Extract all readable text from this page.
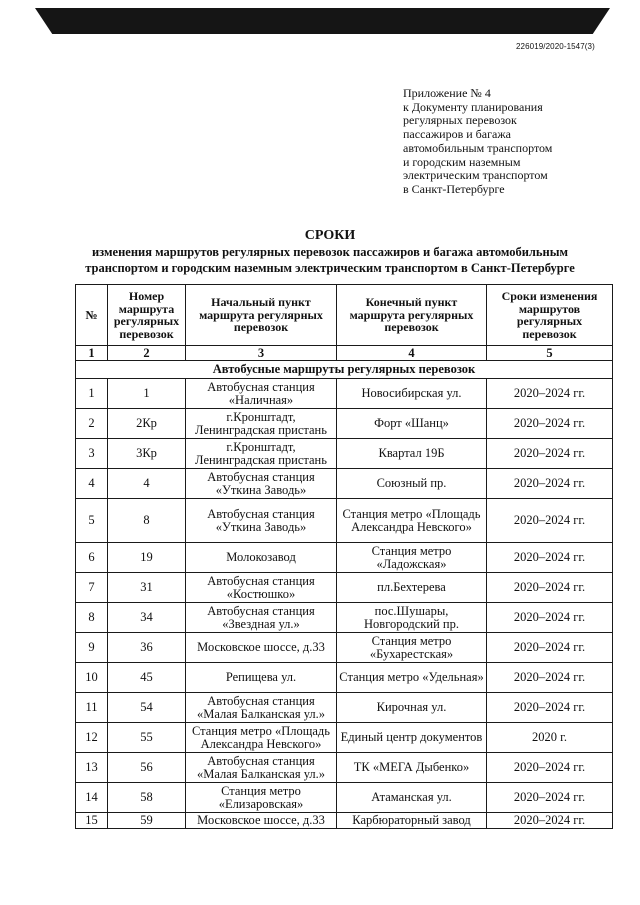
226019/2020-1547(3)
Приложение № 4
к Документу планирования
регулярных перевозок
пассажиров и багажа
автомобильным транспортом
и городским наземным
электрическим транспортом
в Санкт-Петербурге
СРОКИ
изменения маршрутов регулярных перевозок пассажиров и багажа автомобильным
транспортом и городским наземным электрическим транспортом в Санкт-Петербурге
№	Номер маршрута регулярных перевозок	Начальный пункт маршрута регулярных перевозок	Конечный пункт маршрута регулярных перевозок	Сроки изменения маршрутов регулярных перевозок
1	2	3	4	5
Автобусные маршруты регулярных перевозок				
1	1	Автобусная станция «Наличная»	Новосибирская ул.	2020–2024 гг.
2	2Кр	г.Кронштадт, Ленинградская пристань	Форт «Шанц»	2020–2024 гг.
3	3Кр	г.Кронштадт, Ленинградская пристань	Квартал 19Б	2020–2024 гг.
4	4	Автобусная станция «Уткина Заводь»	Союзный пр.	2020–2024 гг.
5	8	Автобусная станция «Уткина Заводь»	Станция метро «Площадь Александра Невского»	2020–2024 гг.
6	19	Молокозавод	Станция метро «Ладожская»	2020–2024 гг.
7	31	Автобусная станция «Костюшко»	пл.Бехтерева	2020–2024 гг.
8	34	Автобусная станция «Звездная ул.»	пос.Шушары, Новгородский пр.	2020–2024 гг.
9	36	Московское шоссе, д.33	Станция метро «Бухарестская»	2020–2024 гг.
10	45	Репищева ул.	Станция метро «Удельная»	2020–2024 гг.
11	54	Автобусная станция «Малая Балканская ул.»	Кирочная ул.	2020–2024 гг.
12	55	Станция метро «Площадь Александра Невского»	Единый центр документов	2020 г.
13	56	Автобусная станция «Малая Балканская ул.»	ТК «МЕГА Дыбенко»	2020–2024 гг.
14	58	Станция метро «Елизаровская»	Атаманская ул.	2020–2024 гг.
15	59	Московское шоссе, д.33	Карбюраторный завод	2020–2024 гг.
